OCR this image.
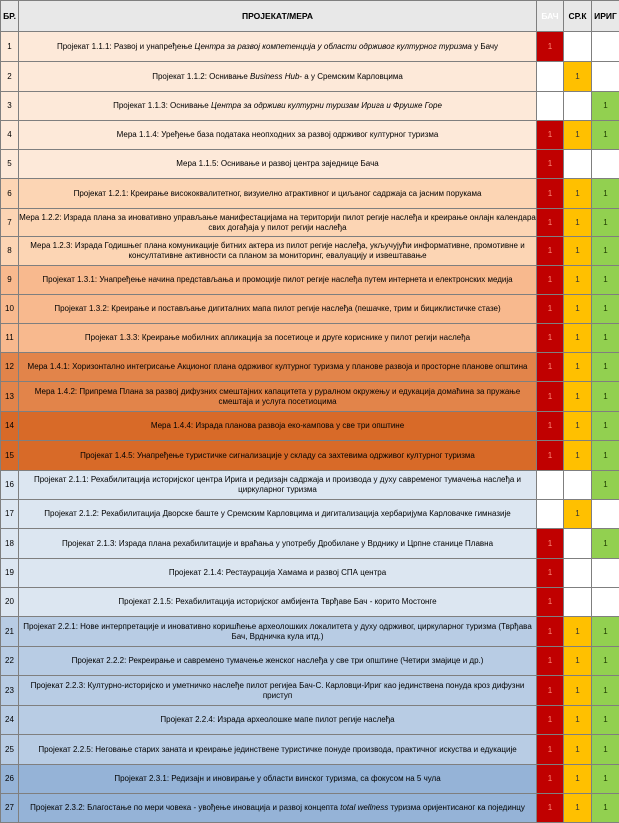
БР.	ПРОЈЕКАТ/МЕРА	БАЧ	СР.К	ИРИГ
1	Пројекат 1.1.1: Развој и унапређење Центра за развој компетенција у области одрживог културног туризма у Бачу	1		
2	Пројекат 1.1.2: Оснивање Business Hub- а у Сремским Карловцима		1	
3	Пројекат 1.1.3: Оснивање Центра за одрживи културни туризам Ирига и Фрушке Горе			1
4	Мера 1.1.4: Уређење база података неопходних за развој одрживог културног туризма	1	1	1
5	Мера 1.1.5: Оснивање и развој центра заједнице Бача	1		
6	Пројекат 1.2.1: Креирање висококвалитетног, визуиелно атрактивног и циљаног садржаја са јасним порукама	1	1	1
7	Мера 1.2.2: Израда плана за иновативно управљање манифестацијама на територији пилот регије наслеђа и креирање онлајн календара свих догађаја у пилот регији наслеђа	1	1	1
8	Мера 1.2.3: Израда Годишњег плана комуникације битних актера из пилот регије наслеђа, укључујући информативне, промотивне и консултативне активности са планом за мониторинг, евалуацију и извештавање	1	1	1
9	Пројекат 1.3.1: Унапређење начина представљања и промоције пилот регије наслеђа путем интернета и електронских медија	1	1	1
10	Пројекат 1.3.2: Креирање и постављање дигиталних мапа пилот регије наслеђа (пешачке, трим и бициклистичке стазе)	1	1	1
11	Пројекат 1.3.3: Креирање мобилних апликација за посетиоце и друге кориснике у пилот регији наслеђа	1	1	1
12	Мера 1.4.1: Хоризонтално интегрисање Акционог плана одрживог културног туризма у планове развоја и просторне планове општина	1	1	1
13	Мера 1.4.2: Припрема Плана за развој дифузних смештајних капацитета у руралном окружењу и едукација домаћина за пружање смештаја и услуга посетиоцима	1	1	1
14	Мера 1.4.4: Израда планова развоја еко-кампова у све три општине	1	1	1
15	Пројекат 1.4.5: Унапређење туристичке сигнализације у складу са захтевима одрживог културног туризма	1	1	1
16	Пројекат 2.1.1: Рехабилитација историјског центра Ирига и редизајн садржаја и производа у духу савременог тумачења наслеђа и циркуларног туризма			1
17	Пројекат 2.1.2: Рехабилитација Дворске баште у Сремским Карловцима и дигитализација хербаријума Карловачке гимназије		1	
18	Пројекат 2.1.3: Израда плана рехабилитације и враћања у употребу Дробилане у Врднику и Црпне станице Плавна	1		1
19	Пројекат 2.1.4: Рестаурација Хамама и развој СПА центра	1		
20	Пројекат 2.1.5: Рехабилитација историјског амбијента Тврђаве Бач - корито Мостонге	1		
21	Пројекат 2.2.1: Нове интерпретације и иновативно коришћење археолошких локалитета у духу одрживог, циркуларног туризма (Тврђава Бач, Врдничка кула итд.)	1	1	1
22	Пројекат 2.2.2: Рекреирање и савремено тумачење женског наслеђа у све три општине (Четири змајице и др.)	1	1	1
23	Пројекат 2.2.3: Културно-историјско и уметничко наслеђе пилот региjеа Бач-С. Карловци-Ириг као јединствена понуда кроз дифузни приступ	1	1	1
24	Пројекат 2.2.4: Израда археолошке мапе пилот регије наслеђа	1	1	1
25	Пројекат 2.2.5: Неговање старих заната и креирање јединствене туристичке понуде производа, практичног искуства и едукације	1	1	1
26	Пројекат 2.3.1: Редизајн и иновирање у области винског туризма, са фокусом на 5 чула	1	1	1
27	Пројекат 2.3.2: Благостање по мери човека - увођење иновација и развој концепта total wellness туризма оријентисаног ка појединцу	1	1	1
